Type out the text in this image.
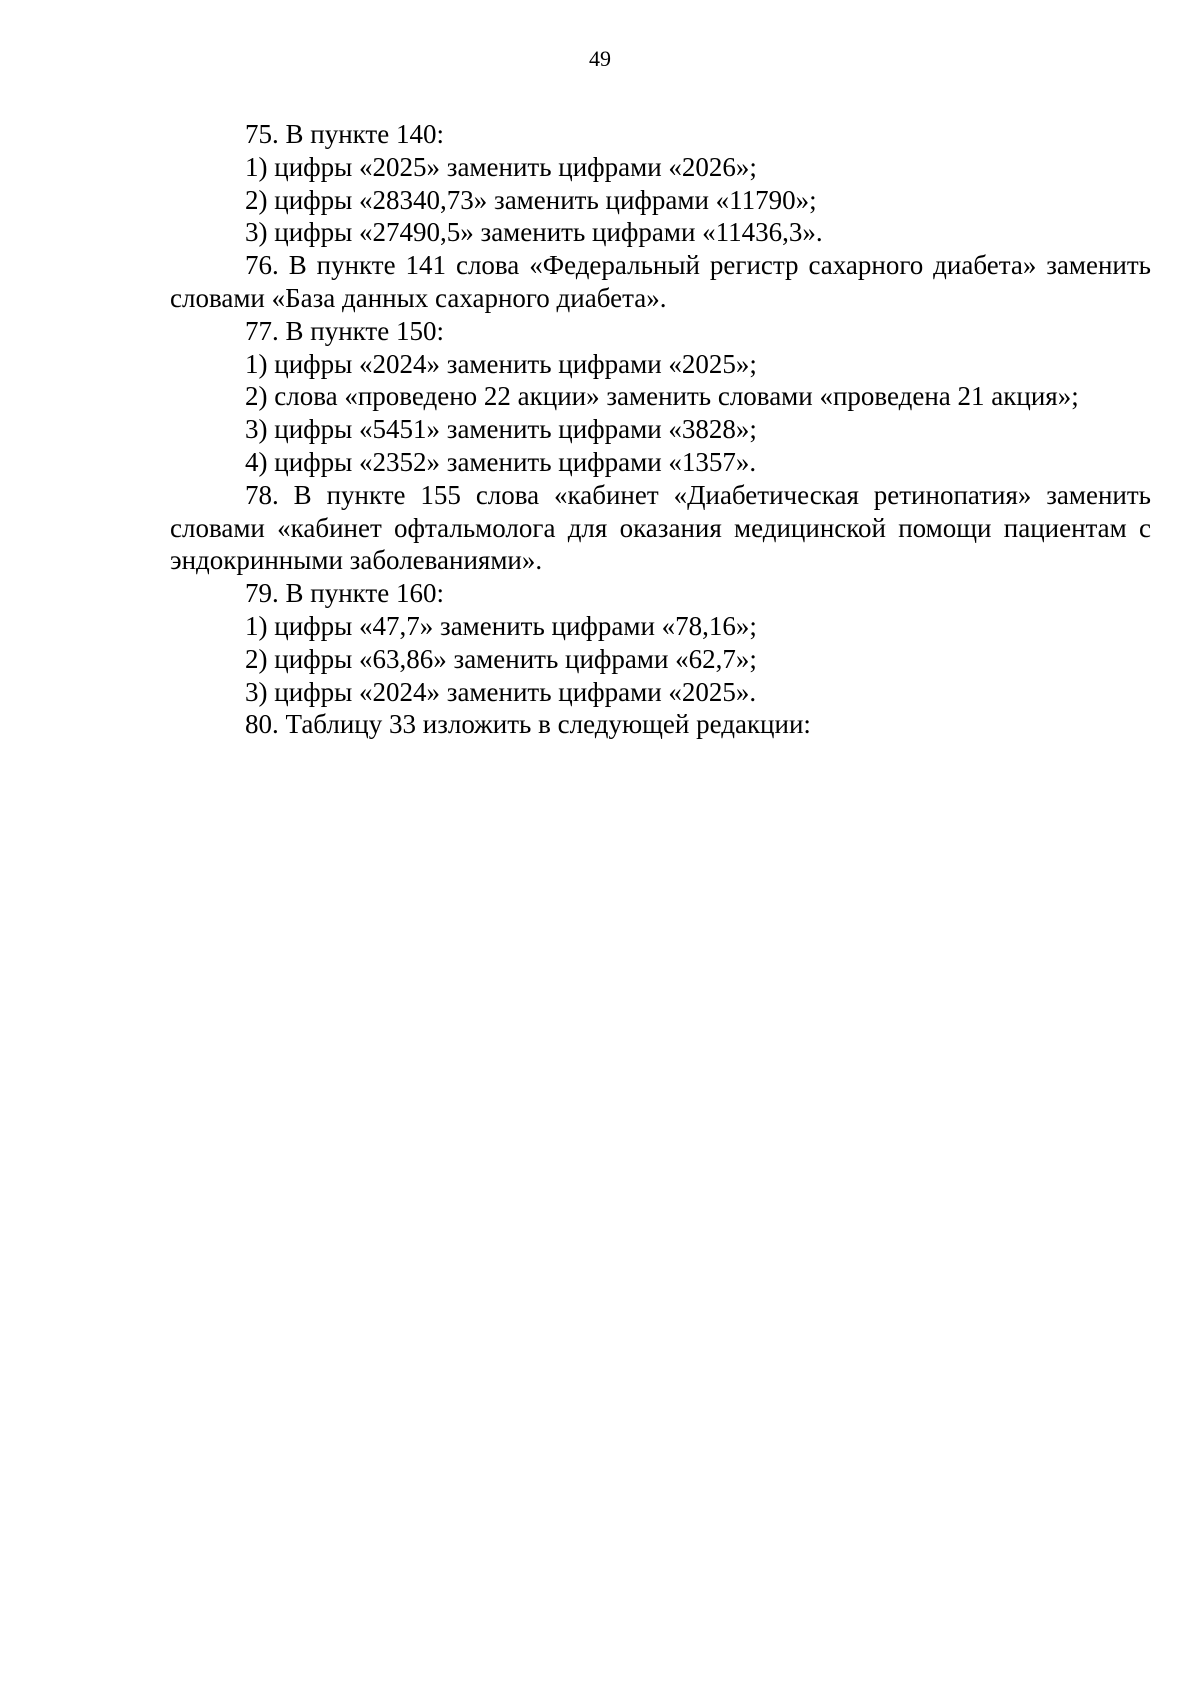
49

75. В пункте 140:

1) цифры «2025» заменить цифрами «2026»;

2) цифры «28340,73» заменить цифрами «11790»;

3) цифры «27490,5» заменить цифрами «11436,3».

76. В пункте 141 слова «Федеральный регистр сахарного диабета» заменить словами «База данных сахарного диабета».

77. В пункте 150:

1) цифры «2024» заменить цифрами «2025»;

2) слова «проведено 22 акции» заменить словами «проведена 21 акция»;

3) цифры «5451» заменить цифрами «3828»;

4) цифры «2352» заменить цифрами «1357».

78. В пункте 155 слова «кабинет «Диабетическая ретинопатия» заменить словами «кабинет офтальмолога для оказания медицинской помощи пациентам с эндокринными заболеваниями».

79. В пункте 160:

1) цифры «47,7» заменить цифрами «78,16»;

2) цифры «63,86» заменить цифрами «62,7»;

3) цифры «2024» заменить цифрами «2025».

80. Таблицу 33 изложить в следующей редакции:
